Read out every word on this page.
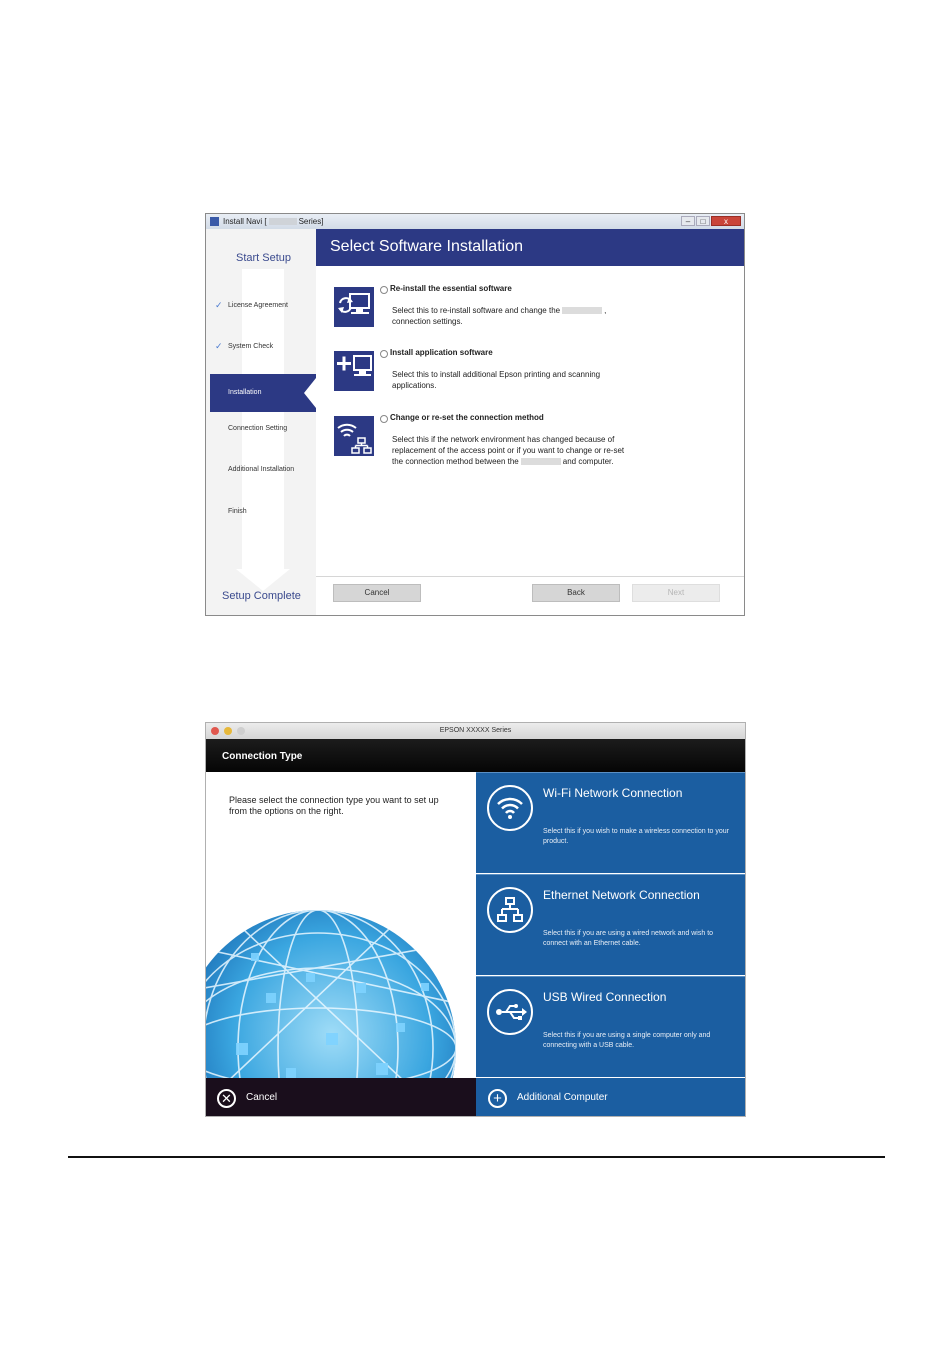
Install Navi [	Series]	–	□	x
Start Setup
✓ License Agreement
✓ System Check
Installation
Connection Setting
Additional Installation
Finish
Setup Complete
Select Software Installation
Re-install the essential software
Select this to re-install software and change the	,
connection settings.
Install application software
Select this to install additional Epson printing and scanning
applications.
Change or re-set the connection method
Select this if the network environment has changed because of
replacement of the access point or if you want to change or re-set
the connection method between the	and computer.
Cancel	Back	Next
EPSON XXXXX Series
Connection Type
Please select the connection type you want to set up from the options on the right.
Wi-Fi Network Connection
Select this if you wish to make a wireless connection to your product.
Ethernet Network Connection
Select this if you are using a wired network and wish to connect with an Ethernet cable.
USB Wired Connection
Select this if you are using a single computer only and connecting with a USB cable.
✕	Cancel	+	Additional Computer
